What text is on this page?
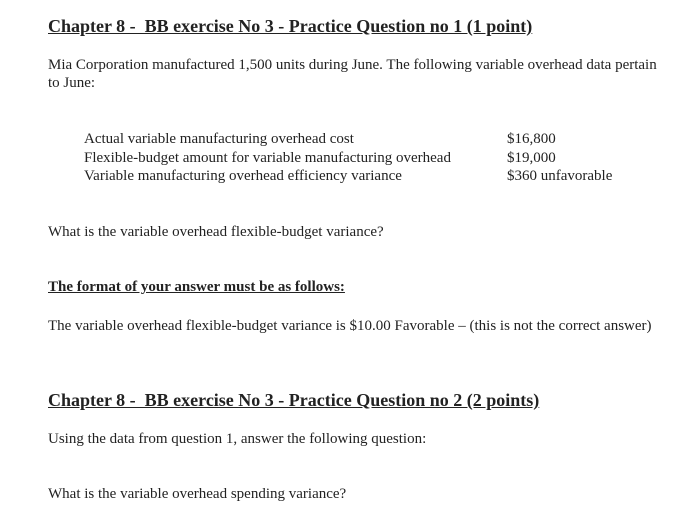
Chapter 8 -  BB exercise No 3 - Practice Question no 1 (1 point)
Mia Corporation manufactured 1,500 units during June. The following variable overhead data pertain to June:
Actual variable manufacturing overhead cost	$16,800
Flexible-budget amount for variable manufacturing overhead	$19,000
Variable manufacturing overhead efficiency variance	$360 unfavorable
What is the variable overhead flexible-budget variance?
The format of your answer must be as follows:
The variable overhead flexible-budget variance is $10.00 Favorable – (this is not the correct answer)
Chapter 8 -  BB exercise No 3 - Practice Question no 2 (2 points)
Using the data from question 1, answer the following question:
What is the variable overhead spending variance?
